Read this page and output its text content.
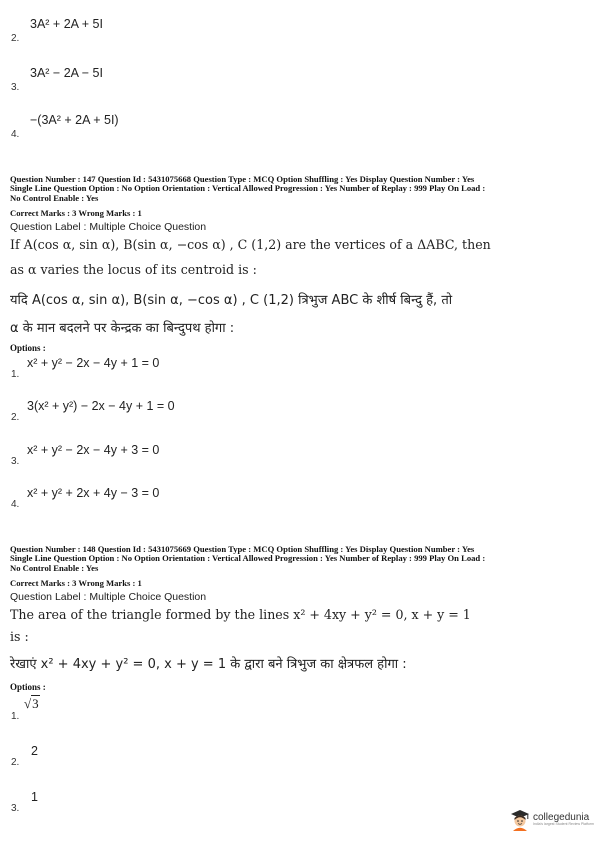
3A² + 2A + 5I
2.
3A² − 2A − 5I
3.
−(3A² + 2A + 5I)
4.
Question Number : 147 Question Id : 5431075668 Question Type : MCQ Option Shuffling : Yes Display Question Number : Yes
Single Line Question Option : No Option Orientation : Vertical Allowed Progression : Yes Number of Replay : 999 Play On Load :
No Control Enable : Yes
Correct Marks : 3 Wrong Marks : 1
Question Label : Multiple Choice Question
If A(cos α, sin α), B(sin α, −cos α) , C (1,2) are the vertices of a ΔABC, then
as α varies the locus of its centroid is :
यदि A(cos α, sin α), B(sin α, −cos α) , C (1,2) त्रिभुज ABC के शीर्ष बिन्दु हैं, तो
α के मान बदलने पर केन्द्रक का बिन्दुपथ होगा :
Options :
x² + y² − 2x − 4y + 1 = 0
1.
3(x² + y²) − 2x − 4y + 1 = 0
2.
x² + y² − 2x − 4y + 3 = 0
3.
x² + y² + 2x + 4y − 3 = 0
4.
Question Number : 148 Question Id : 5431075669 Question Type : MCQ Option Shuffling : Yes Display Question Number : Yes
Single Line Question Option : No Option Orientation : Vertical Allowed Progression : Yes Number of Replay : 999 Play On Load :
No Control Enable : Yes
Correct Marks : 3 Wrong Marks : 1
Question Label : Multiple Choice Question
The area of the triangle formed by the lines x² + 4xy + y² = 0, x + y = 1
is :
रेखाएं x² + 4xy + y² = 0, x + y = 1 के द्वारा बने त्रिभुज का क्षेत्रफल होगा :
Options :
√3
1.
2
2.
1
3.
collegedunia
India's largest Student Review Platform
